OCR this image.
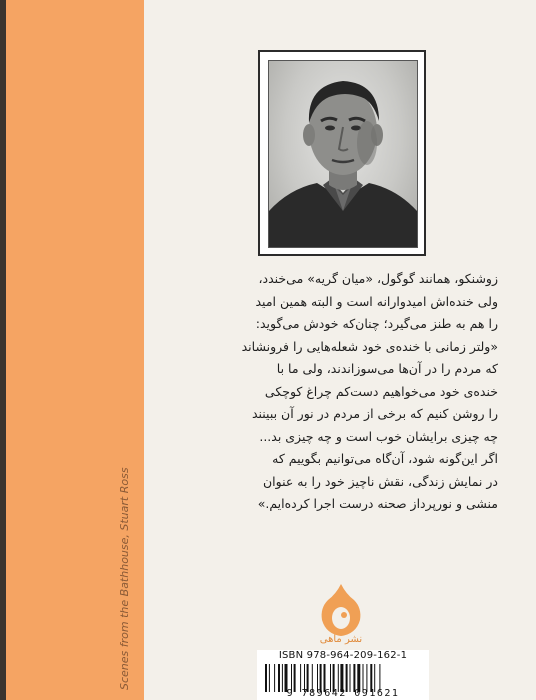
Scenes from the Bathhouse, Stuart Ross
زوشنکو، همانند گوگول، «میان گریه» می‌خندد،
ولی خنده‌اش امیدوارانه است و البته همین امید
را هم به طنز می‌گیرد؛ چنان‌که خودش می‌گوید:
«ولتر زمانی با خنده‌ی خود شعله‌هایی را فرونشاند
که مردم را در آن‌ها می‌سوزاندند، ولی ما با
خنده‌ی خود می‌خواهیم دست‌کم چراغ کوچکی
را روشن کنیم که برخی از مردم در نور آن ببینند
چه چیزی برایشان خوب است و چه چیزی بد...
اگر این‌گونه شود، آن‌گاه می‌توانیم بگوییم که
در نمایش زندگی، نقش ناچیز خود را به عنوان
منشی و نورپرداز صحنه درست اجرا کرده‌ایم.»
نشر ماهی
ISBN 978-964-209-162-1
9 789642 091621
